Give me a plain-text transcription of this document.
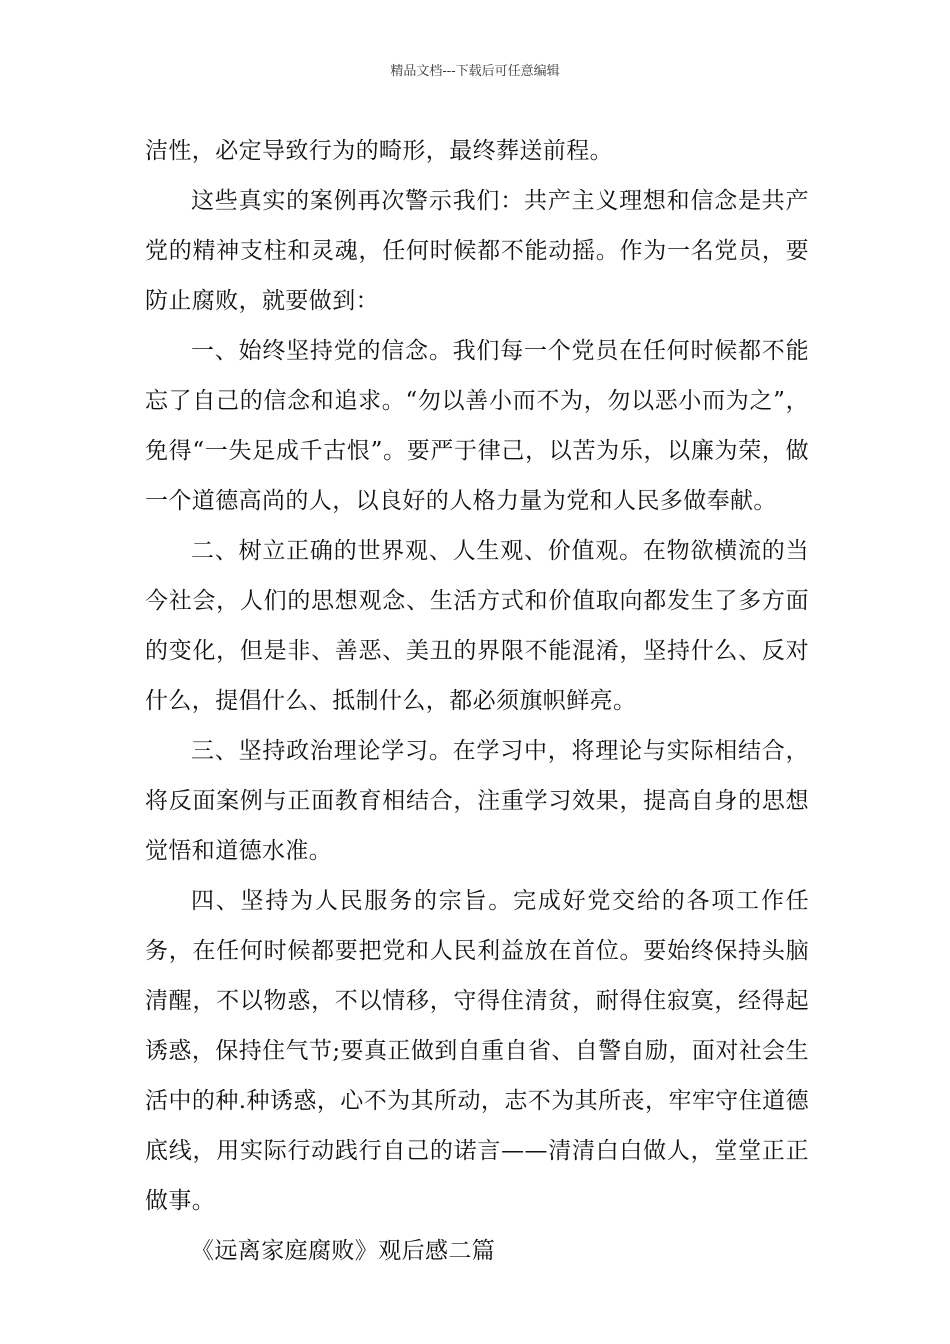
精品文档---下载后可任意编辑

洁性，必定导致行为的畸形，最终葬送前程。

这些真实的案例再次警示我们：共产主义理想和信念是共产党的精神支柱和灵魂，任何时候都不能动摇。作为一名党员，要防止腐败，就要做到：

一、始终坚持党的信念。我们每一个党员在任何时候都不能忘了自己的信念和追求。“勿以善小而不为，勿以恶小而为之”，免得“一失足成千古恨”。要严于律己，以苦为乐，以廉为荣，做一个道德高尚的人，以良好的人格力量为党和人民多做奉献。

二、树立正确的世界观、人生观、价值观。在物欲横流的当今社会，人们的思想观念、生活方式和价值取向都发生了多方面的变化，但是非、善恶、美丑的界限不能混淆，坚持什么、反对什么，提倡什么、抵制什么，都必须旗帜鲜亮。

三、坚持政治理论学习。在学习中，将理论与实际相结合，将反面案例与正面教育相结合，注重学习效果，提高自身的思想觉悟和道德水准。

四、坚持为人民服务的宗旨。完成好党交给的各项工作任务，在任何时候都要把党和人民利益放在首位。要始终保持头脑清醒，不以物惑，不以情移，守得住清贫，耐得住寂寞，经得起诱惑，保持住气节;要真正做到自重自省、自警自励，面对社会生活中的种.种诱惑，心不为其所动，志不为其所丧，牢牢守住道德底线，用实际行动践行自己的诺言——清清白白做人，堂堂正正做事。

《远离家庭腐败》观后感二篇
